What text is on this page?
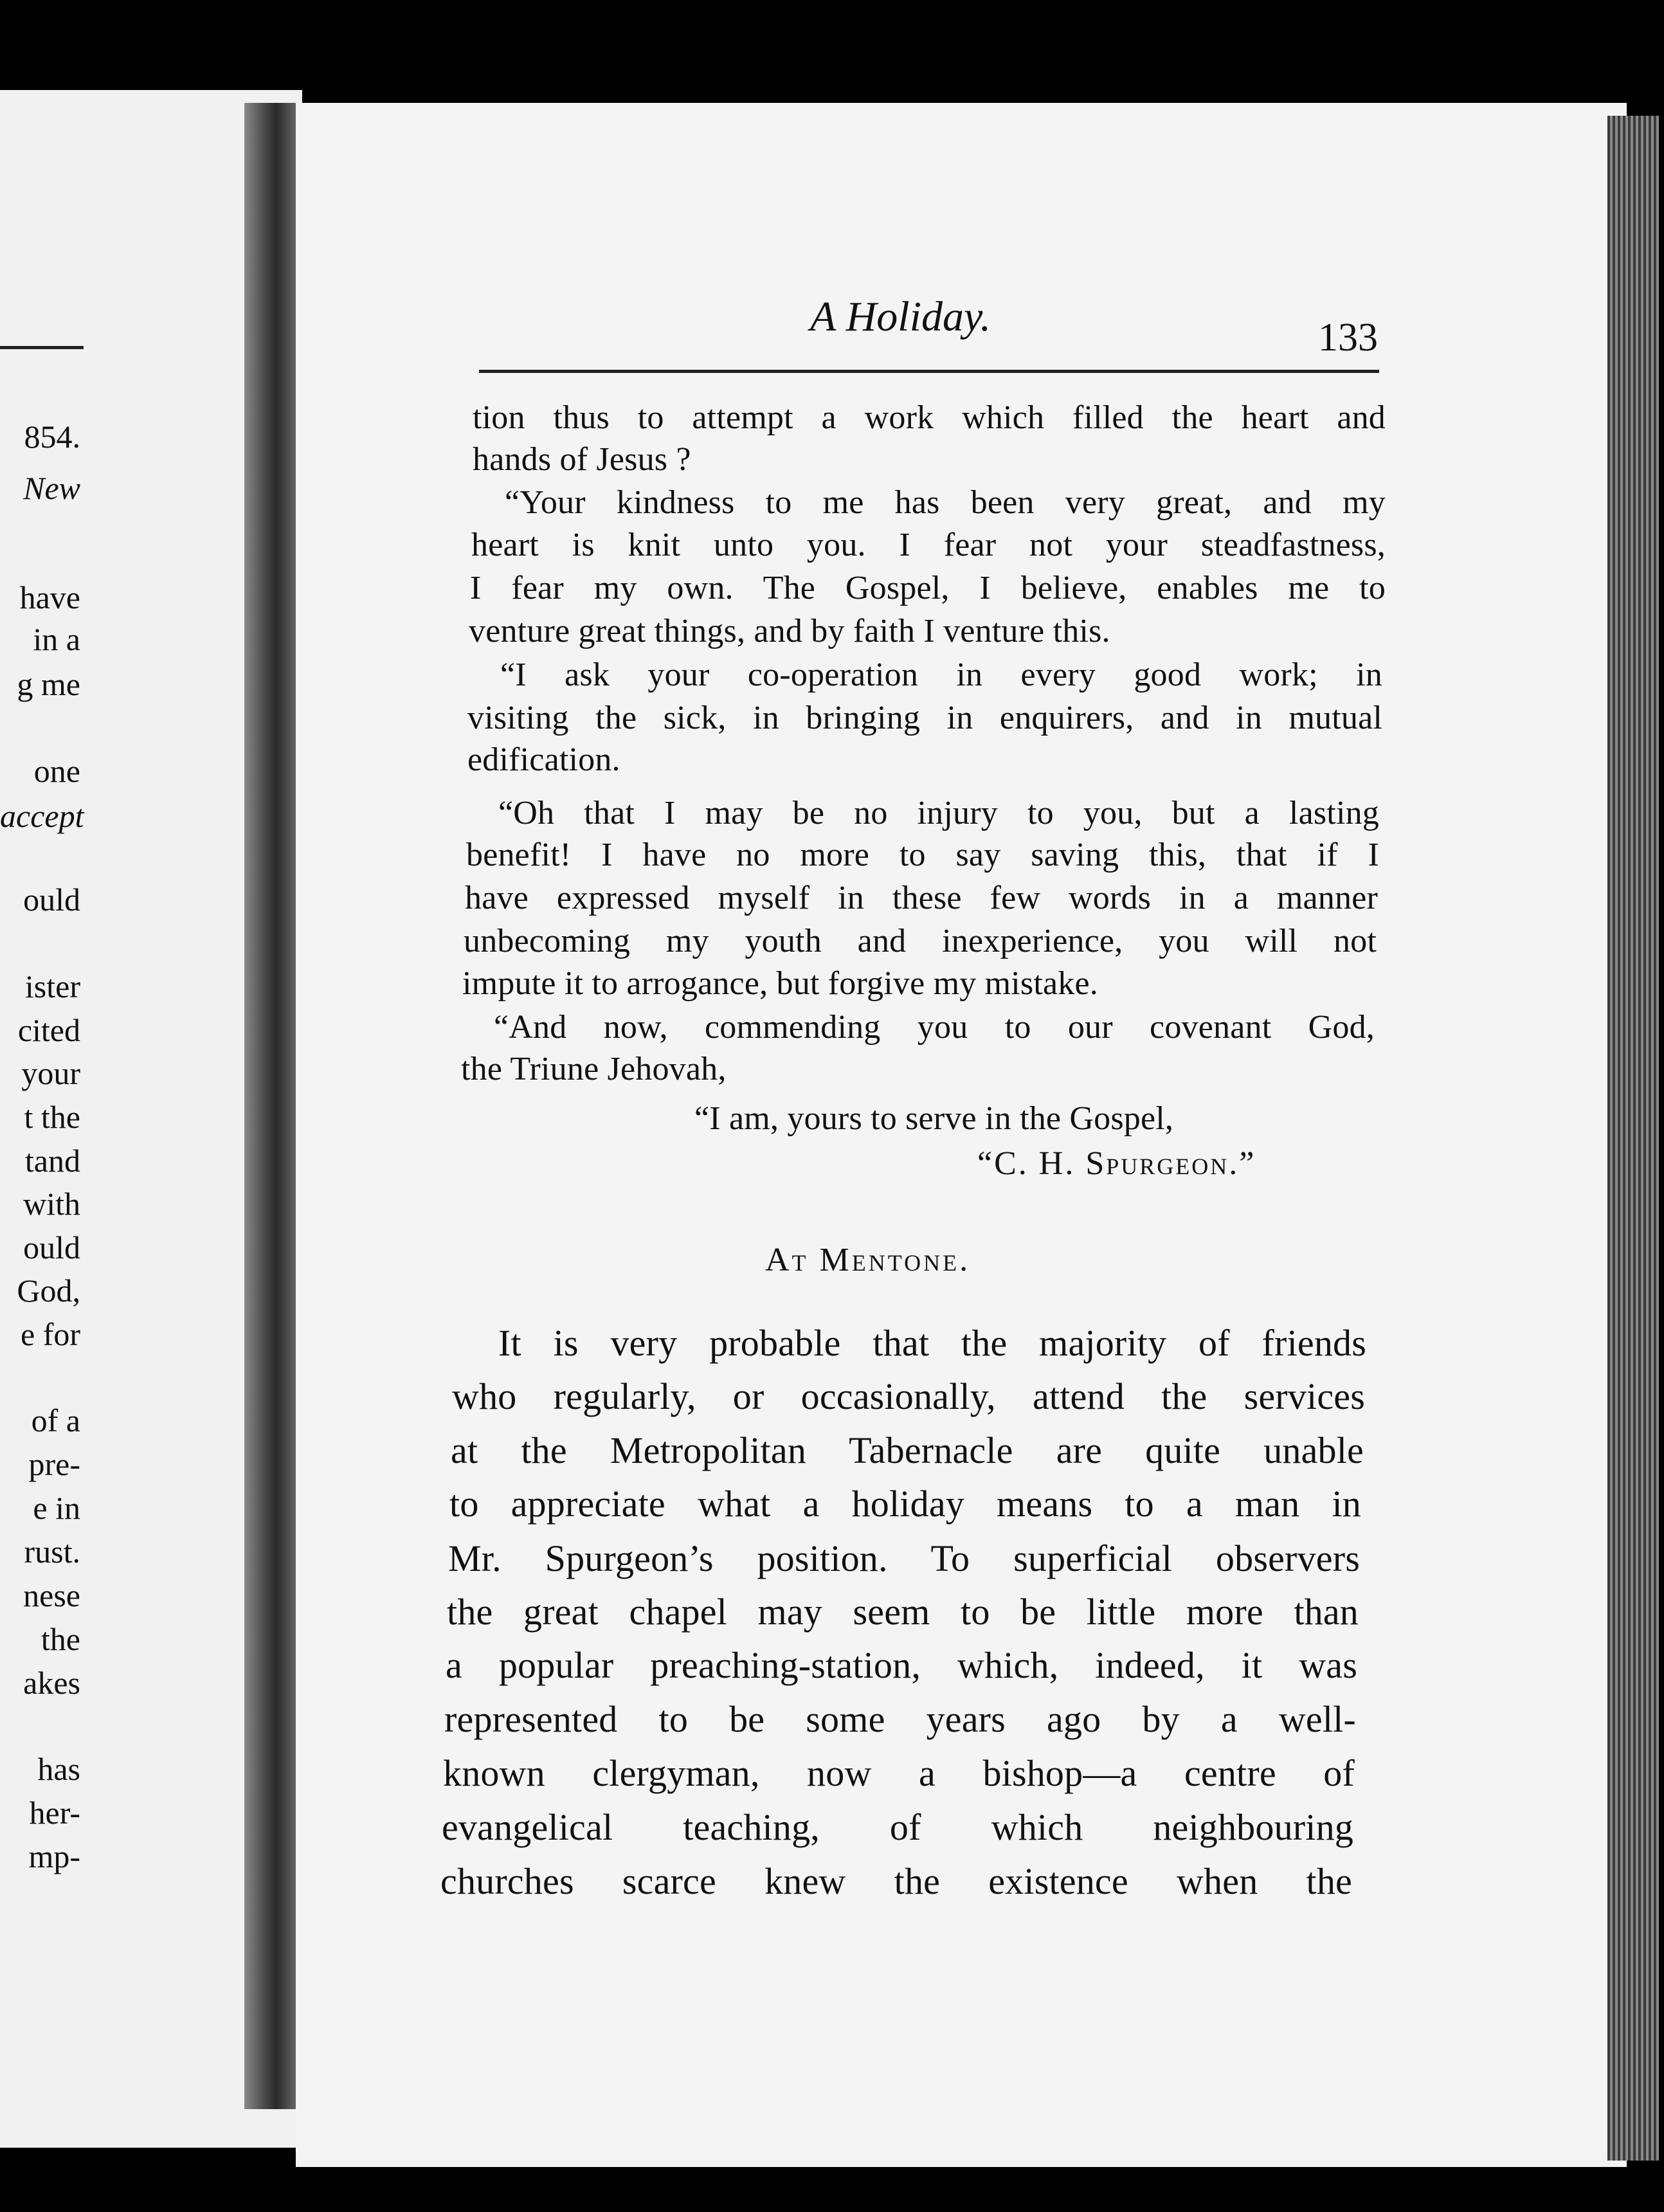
854.
New
have
in a
g me
one
accept
ould
ister
cited
your
t the
tand
with
ould
God,
e for
of a
pre-
e in
rust.
nese
the
akes
has
her-
mp-
A Holiday.	133
tion thus to attempt a work which filled the heart and
hands of Jesus ?
“Your kindness to me has been very great, and my
heart is knit unto you. I fear not your steadfastness,
I fear my own. The Gospel, I believe, enables me to
venture great things, and by faith I venture this.
“I ask your co-operation in every good work; in
visiting the sick, in bringing in enquirers, and in mutual
edification.
“Oh that I may be no injury to you, but a lasting
benefit! I have no more to say saving this, that if I
have expressed myself in these few words in a manner
unbecoming my youth and inexperience, you will not
impute it to arrogance, but forgive my mistake.
“And now, commending you to our covenant God,
the Triune Jehovah,
“I am, yours to serve in the Gospel,
“C. H. Spurgeon.”
At Mentone.
It is very probable that the majority of friends
who regularly, or occasionally, attend the services
at the Metropolitan Tabernacle are quite unable
to appreciate what a holiday means to a man in
Mr. Spurgeon’s position. To superficial observers
the great chapel may seem to be little more than
a popular preaching-station, which, indeed, it was
represented to be some years ago by a well-
known clergyman, now a bishop—a centre of
evangelical teaching, of which neighbouring
churches scarce knew the existence when the
